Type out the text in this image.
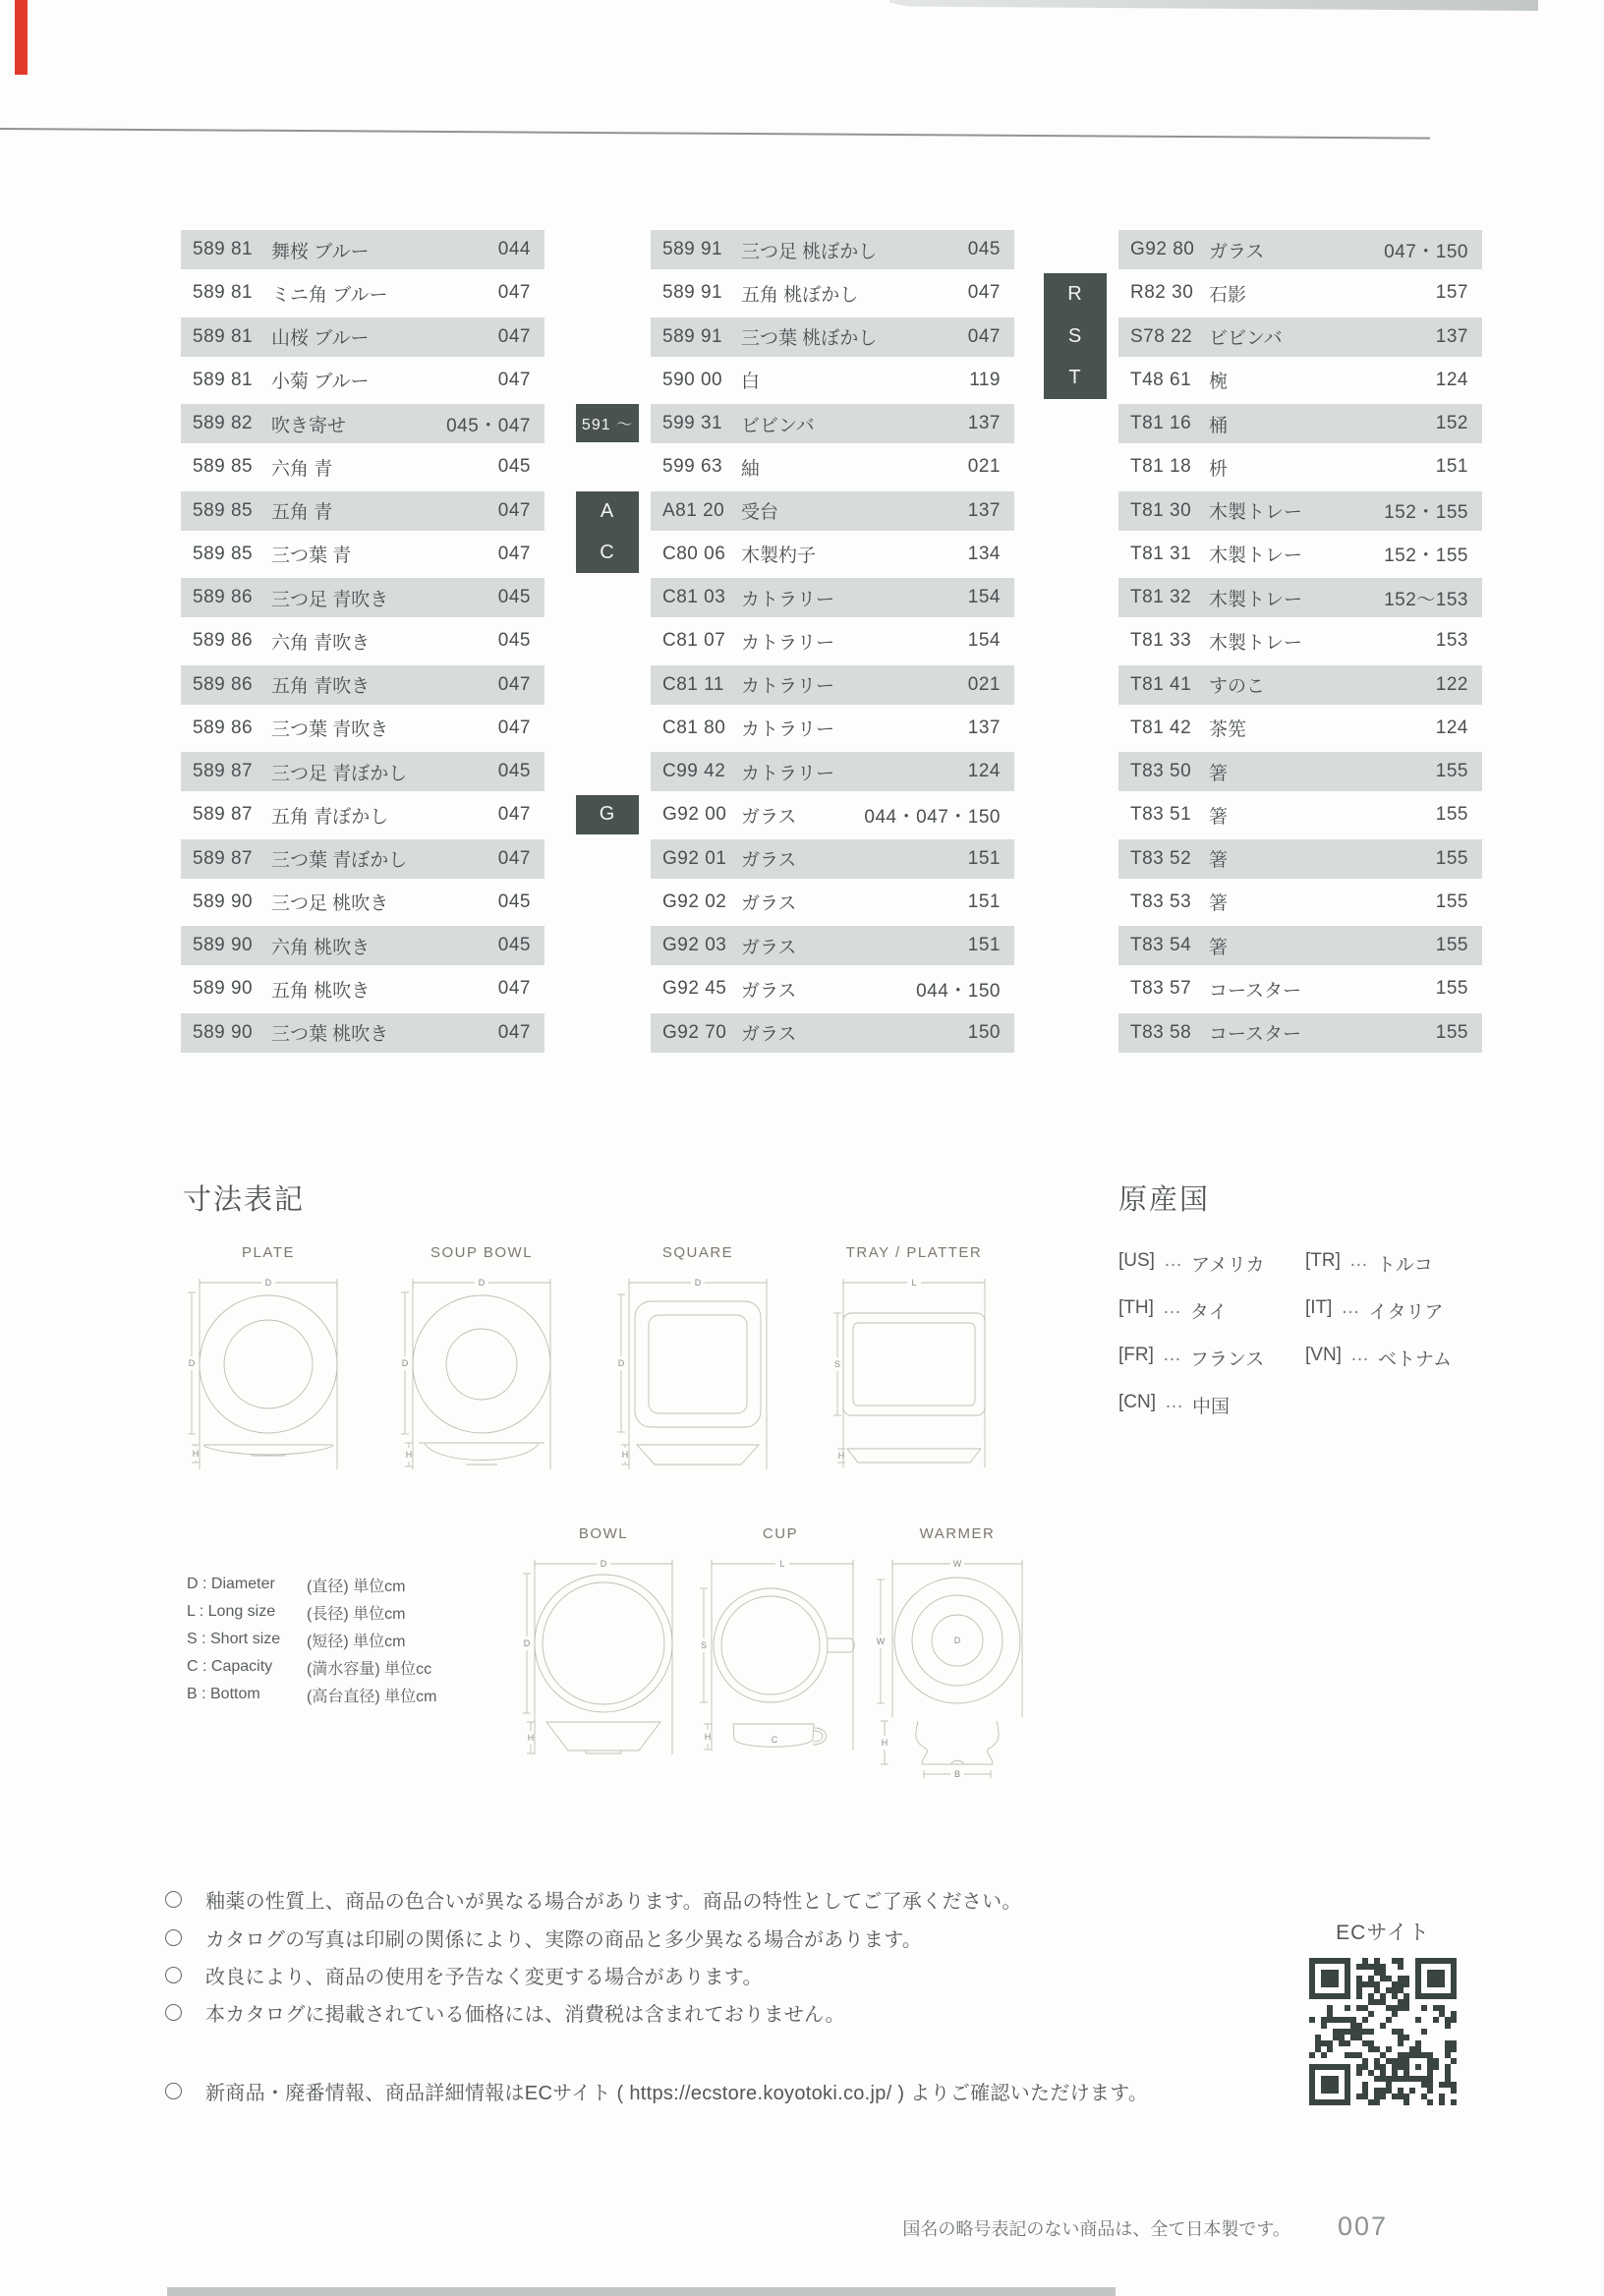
589 81 舞桜 ブルー	044
589 81 ミニ角 ブルー	047
589 81 山桜 ブルー	047
589 81 小菊 ブルー	047
589 82 吹き寄せ	045・047
589 85 六角 青	045
589 85 五角 青	047
589 85 三つ葉 青	047
589 86 三つ足 青吹き	045
589 86 六角 青吹き	045
589 86 五角 青吹き	047
589 86 三つ葉 青吹き	047
589 87 三つ足 青ぼかし	045
589 87 五角 青ぼかし	047
589 87 三つ葉 青ぼかし	047
589 90 三つ足 桃吹き	045
589 90 六角 桃吹き	045
589 90 五角 桃吹き	047
589 90 三つ葉 桃吹き	047
589 91 三つ足 桃ぼかし	045
589 91 五角 桃ぼかし	047
589 91 三つ葉 桃ぼかし	047
590 00 白	119
599 31 ビビンバ	137
599 63 紬	021
A81 20 受台	137
C80 06 木製杓子	134
C81 03 カトラリー	154
C81 07 カトラリー	154
C81 11 カトラリー	021
C81 80 カトラリー	137
C99 42 カトラリー	124
G92 00 ガラス	044・047・150
G92 01 ガラス	151
G92 02 ガラス	151
G92 03 ガラス	151
G92 45 ガラス	044・150
G92 70 ガラス	150
591 ～
A
C
G
G92 80 ガラス	047・150
R82 30 石影	157
S78 22 ビビンバ	137
T48 61 椀	124
T81 16 桶	152
T81 18 枡	151
T81 30 木製トレー	152・155
T81 31 木製トレー	152・155
T81 32 木製トレー	152～153
T81 33 木製トレー	153
T81 41 すのこ	122
T81 42 茶筅	124
T83 50 箸	155
T83 51 箸	155
T83 52 箸	155
T83 53 箸	155
T83 54 箸	155
T83 57 コースター	155
T83 58 コースター	155
R
S
T
寸法表記
PLATE
D
D
H
SOUP BOWL
D
D
H
SQUARE
D
D
H
TRAY / PLATTER
L
S
H
BOWL
D
D
H
CUP
L
S
C
H
WARMER
W
W	D
B
H
D : Diameter	(直径) 単位cm
L : Long size	(長径) 単位cm
S : Short size	(短径) 単位cm
C : Capacity	(満水容量) 単位cc
B : Bottom	(高台直径) 単位cm
原産国
[US] … アメリカ
[TH] … タイ
[FR] … フランス
[CN] … 中国
[TR] … トルコ
[IT] … イタリア
[VN] … ベトナム
釉薬の性質上、商品の色合いが異なる場合があります。商品の特性としてご了承ください。
カタログの写真は印刷の関係により、実際の商品と多少異なる場合があります。
改良により、商品の使用を予告なく変更する場合があります。
本カタログに掲載されている価格には、消費税は含まれておりません。
新商品・廃番情報、商品詳細情報はECサイト ( https://ecstore.koyotoki.co.jp/ ) よりご確認いただけます。
ECサイト
国名の略号表記のない商品は、全て日本製です。 007
